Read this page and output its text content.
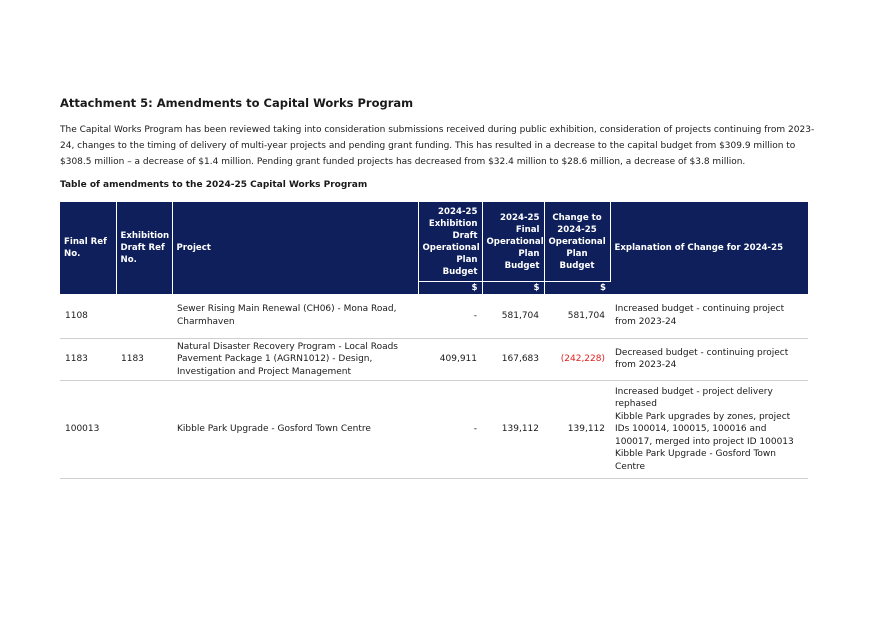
Attachment 5: Amendments to Capital Works Program

The Capital Works Program has been reviewed taking into consideration submissions received during public exhibition, consideration of projects continuing from 2023-24, changes to the timing of delivery of multi-year projects and pending grant funding. This has resulted in a decrease to the capital budget from $309.9 million to $308.5 million – a decrease of $1.4 million. Pending grant funded projects has decreased from $32.4 million to $28.6 million, a decrease of $3.8 million.

Table of amendments to the 2024-25 Capital Works Program
Final Ref No.	Exhibition Draft Ref No.	Project	2024-25 Exhibition Draft Operational Plan Budget	2024-25 Final Operational Plan Budget	Change to 2024-25 Operational Plan Budget	Explanation of Change for 2024-25
			$	$	$	
1108		Sewer Rising Main Renewal (CH06) - Mona Road, Charmhaven	-	581,704	581,704	Increased budget - continuing project from 2023-24
1183	1183	Natural Disaster Recovery Program - Local Roads Pavement Package 1 (AGRN1012) - Design, Investigation and Project Management	409,911	167,683	(242,228)	Decreased budget - continuing project from 2023-24
100013		Kibble Park Upgrade - Gosford Town Centre	-	139,112	139,112	Increased budget - project delivery rephased
Kibble Park upgrades by zones, project IDs 100014, 100015, 100016 and 100017, merged into project ID 100013 Kibble Park Upgrade - Gosford Town Centre
